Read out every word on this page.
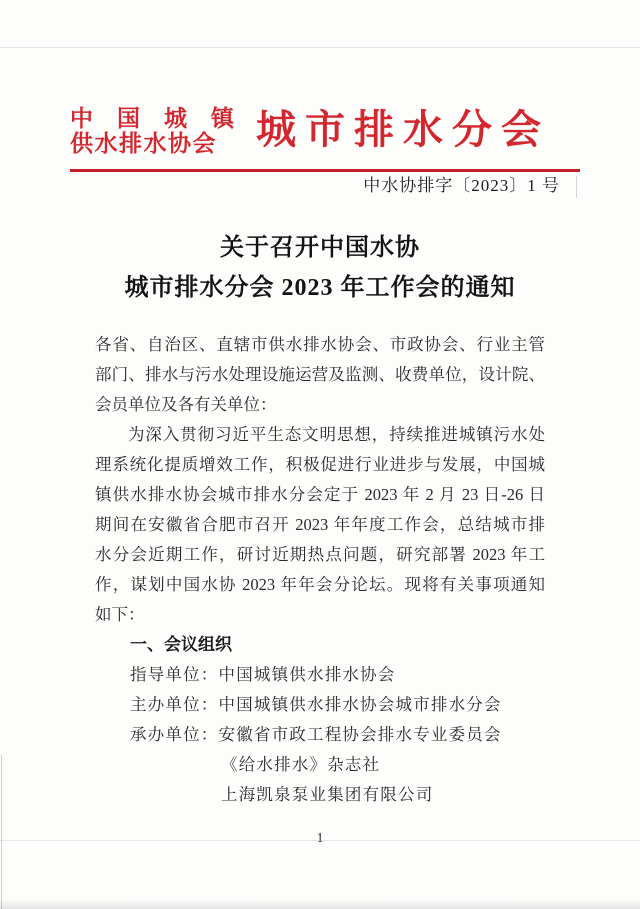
中国城镇
供水排水协会 城市排水分会
中水协排字〔2023〕1 号
关于召开中国水协
城市排水分会 2023 年工作会的通知
各省、自治区、直辖市供水排水协会、市政协会、行业主管
部门、排水与污水处理设施运营及监测、收费单位，设计院、
会员单位及各有关单位：
为深入贯彻习近平生态文明思想，持续推进城镇污水处
理系统化提质增效工作，积极促进行业进步与发展，中国城
镇供水排水协会城市排水分会定于 2023 年 2 月 23 日-26 日
期间在安徽省合肥市召开 2023 年年度工作会，总结城市排
水分会近期工作，研讨近期热点问题，研究部署 2023 年工
作，谋划中国水协 2023 年年会分论坛。现将有关事项通知
如下：
一、会议组织
指导单位：中国城镇供水排水协会
主办单位：中国城镇供水排水协会城市排水分会
承办单位：安徽省市政工程协会排水专业委员会
《给水排水》杂志社
上海凯泉泵业集团有限公司
1
